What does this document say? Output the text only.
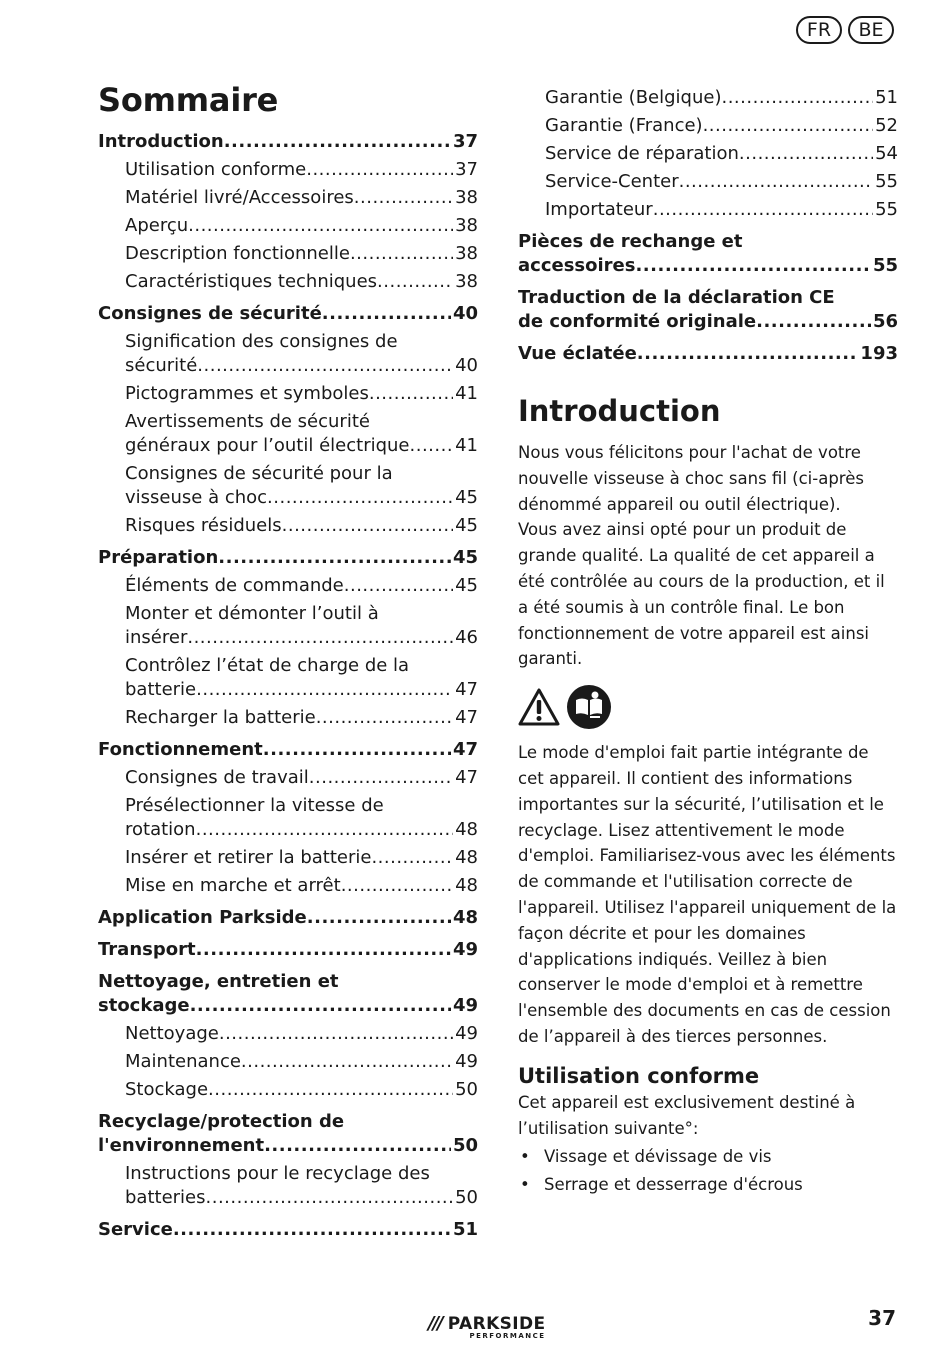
FR	BE
Sommaire
Introduction .....	37
Utilisation conforme .....	37
Matériel livré/Accessoires .....	38
Aperçu .....	38
Description fonctionnelle .....	38
Caractéristiques techniques .....	38
Consignes de sécurité .....	40
Signification des consignes de
sécurité .....	40
Pictogrammes et symboles .....	41
Avertissements de sécurité
généraux pour l’outil électrique .....	41
Consignes de sécurité pour la
visseuse à choc .....	45
Risques résiduels .....	45
Préparation .....	45
Éléments de commande .....	45
Monter et démonter l’outil à
insérer .....	46
Contrôlez l’état de charge de la
batterie .....	47
Recharger la batterie .....	47
Fonctionnement .....	47
Consignes de travail .....	47
Présélectionner la vitesse de
rotation .....	48
Insérer et retirer la batterie .....	48
Mise en marche et arrêt .....	48
Application Parkside .....	48
Transport .....	49
Nettoyage, entretien et
stockage .....	49
Nettoyage .....	49
Maintenance .....	49
Stockage .....	50
Recyclage/protection de
l'environnement .....	50
Instructions pour le recyclage des
batteries .....	50
Service .....	51
Garantie (Belgique) .....	51
Garantie (France) .....	52
Service de réparation .....	54
Service-Center .....	55
Importateur .....	55
Pièces de rechange et
accessoires .....	55
Traduction de la déclaration CE
de conformité originale .....	56
Vue éclatée .....	193
Introduction

Nous vous félicitons pour l'achat de votre nouvelle visseuse à choc sans fil (ci-après dénommé appareil ou outil électrique).

Vous avez ainsi opté pour un produit de grande qualité. La qualité de cet appareil a été contrôlée au cours de la production, et il a été soumis à un contrôle final. Le bon fonctionnement de votre appareil est ainsi garanti.

Le mode d'emploi fait partie intégrante de cet appareil. Il contient des informations importantes sur la sécurité, l’utilisation et le recyclage. Lisez attentivement le mode d'emploi. Familiarisez-vous avec les éléments de commande et l'utilisation correcte de l'appareil. Utilisez l'appareil uniquement de la façon décrite et pour les domaines d'applications indiqués. Veillez à bien conserver le mode d'emploi et à remettre l'ensemble des documents en cas de cession de l’appareil à des tierces personnes.

Utilisation conforme

Cet appareil est exclusivement destiné à l’utilisation suivante°:

• Vissage et dévissage de vis
• Serrage et desserrage d'écrous
/// PARKSIDE
PERFORMANCE
37
